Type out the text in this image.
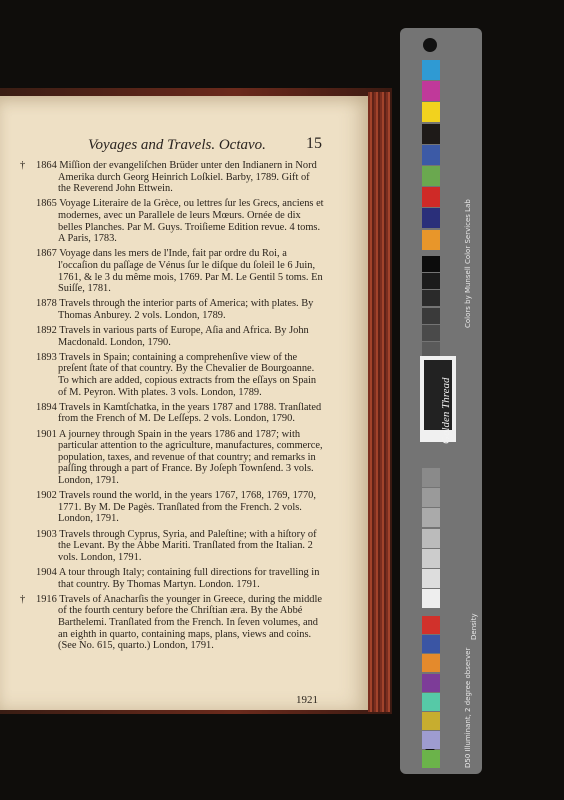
Voyages and Travels. Octavo.	15
† 1864 Miſſion der evangeliſchen Brüder unter den Indianern in Nord Amerika durch Georg Heinrich Loſkiel. Barby, 1789. Gift of the Reverend John Ettwein.
1865 Voyage Literaire de la Grèce, ou lettres ſur les Grecs, anciens et modernes, avec un Parallele de leurs Mœurs. Ornée de dix belles Planches. Par M. Guys. Troiſieme Edition revue. 4 toms. A Paris, 1783.
1867 Voyage dans les mers de l'Inde, fait par ordre du Roi, a l'occaſion du paſſage de Vénus ſur le diſque du ſoleil le 6 Juin, 1761, & le 3 du même mois, 1769. Par M. Le Gentil 5 toms. En Suiſſe, 1781.
1878 Travels through the interior parts of America; with plates. By Thomas Anburey. 2 vols. London, 1789.
1892 Travels in various parts of Europe, Aſia and Africa. By John Macdonald. London, 1790.
1893 Travels in Spain; containing a comprehenſive view of the preſent ſtate of that country. By the Chevalier de Bourgoanne. To which are added, copious extracts from the eſſays on Spain of M. Peyron. With plates. 3 vols. London, 1789.
1894 Travels in Kamtſchatka, in the years 1787 and 1788. Tranſlated from the French of M. De Leſſeps. 2 vols. London, 1790.
1901 A journey through Spain in the years 1786 and 1787; with particular attention to the agriculture, manufactures, commerce, population, taxes, and revenue of that country; and remarks in paſſing through a part of France. By Joſeph Townſend. 3 vols. London, 1791.
1902 Travels round the world, in the years 1767, 1768, 1769, 1770, 1771. By M. De Pagès. Tranſlated from the French. 2 vols. London, 1791.
1903 Travels through Cyprus, Syria, and Paleſtine; with a hiſtory of the Levant. By the Abbe Mariti. Tranſlated from the Italian. 2 vols. London, 1791.
1904 A tour through Italy; containing full directions for travelling in that country. By Thomas Martyn. London. 1791.
† 1916 Travels of Anacharſis the younger in Greece, during the middle of the fourth century before the Chriſtian æra. By the Abbé Barthelemi. Tranſlated from the French. In ſeven volumes, and an eighth in quarto, containing maps, plans, views and coins. (See No. 615, quarto.) London, 1791.
1921
Colors by Munsell Color Services Lab
D50 Illuminant, 2 degree observer
Density
Golden Thread
